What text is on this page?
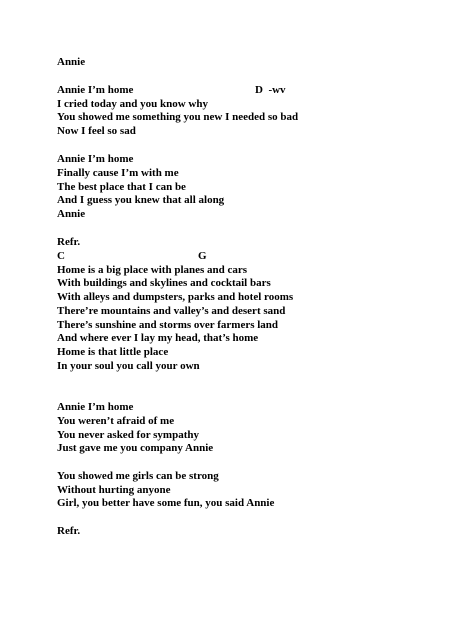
Annie

Annie I’m home	D  -wv

I cried today and you know why

You showed me something you new I needed so bad

Now I feel so sad

Annie I’m home

Finally cause I’m with me

The best place that I can be

And I guess you knew that all along

Annie

Refr.

C	G

Home is a big place with planes and cars

With buildings and skylines and cocktail bars

With alleys and dumpsters, parks and hotel rooms

There’re mountains and valley’s and desert sand

There’s sunshine and storms over farmers land

And where ever I lay my head, that’s home

Home is that little place

In your soul you call your own

Annie I’m home

You weren’t afraid of me

You never asked for sympathy

Just gave me you company Annie

You showed me girls can be strong

Without hurting anyone

Girl, you better have some fun, you said Annie

Refr.
